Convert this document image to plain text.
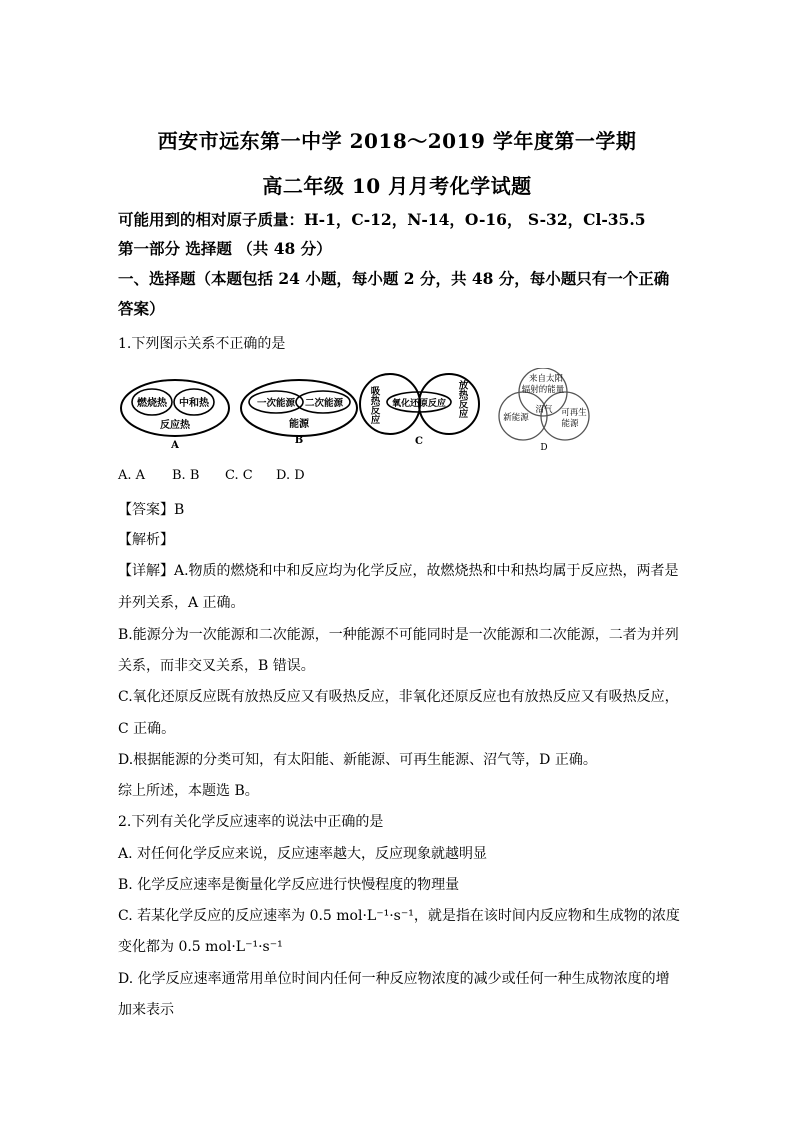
西安市远东第一中学 2018～2019 学年度第一学期
高二年级 10 月月考化学试题
可能用到的相对原子质量：H-1，C-12，N-14，O-16， S-32，Cl-35.5
第一部分 选择题 （共 48 分）
一、选择题（本题包括 24 小题，每小题 2 分，共 48 分，每小题只有一个正确
答案）
1.下列图示关系不正确的是
燃烧热 中和热
反应热
A
一次能源 二次能源
能源
B
吸热反应 氧化还原反应 放热反应
C
来自太阳
辐射的能量
沼气
新能源	可再生
能源
D
A. A B. B C. C D. D
【答案】B
【解析】
【详解】A.物质的燃烧和中和反应均为化学反应，故燃烧热和中和热均属于反应热，两者是
并列关系，A 正确。
B.能源分为一次能源和二次能源，一种能源不可能同时是一次能源和二次能源，二者为并列
关系，而非交叉关系，B 错误。
C.氧化还原反应既有放热反应又有吸热反应，非氧化还原反应也有放热反应又有吸热反应，
C 正确。
D.根据能源的分类可知，有太阳能、新能源、可再生能源、沼气等，D 正确。
综上所述，本题选 B。
2.下列有关化学反应速率的说法中正确的是
A. 对任何化学反应来说，反应速率越大，反应现象就越明显
B. 化学反应速率是衡量化学反应进行快慢程度的物理量
C. 若某化学反应的反应速率为 0.5 mol·L⁻¹·s⁻¹，就是指在该时间内反应物和生成物的浓度
变化都为 0.5 mol·L⁻¹·s⁻¹
D. 化学反应速率通常用单位时间内任何一种反应物浓度的减少或任何一种生成物浓度的增
加来表示
